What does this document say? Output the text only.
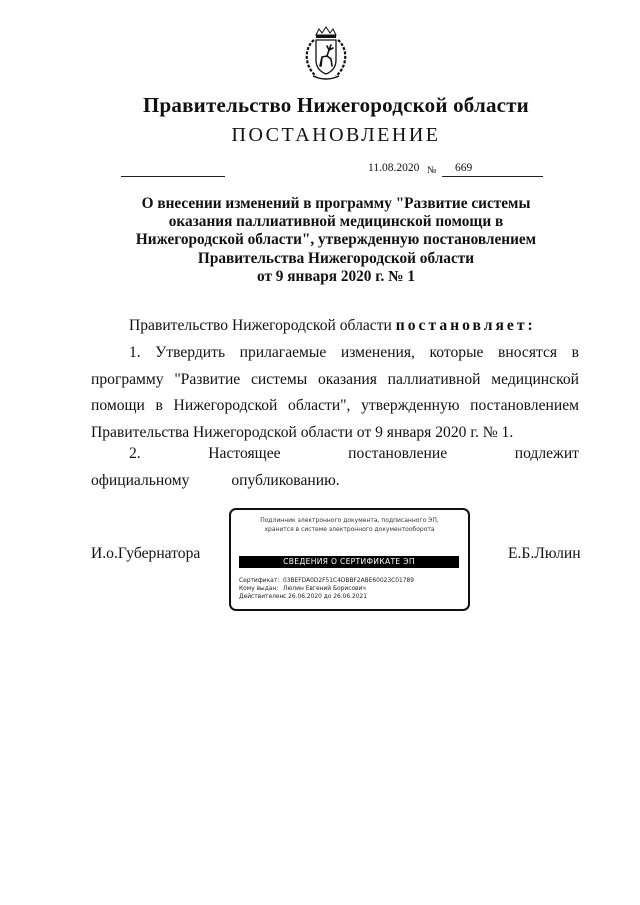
Правительство Нижегородской области
ПОСТАНОВЛЕНИЕ
11.08.2020 № 669
О внесении изменений в программу "Развитие системы
оказания паллиативной медицинской помощи в
Нижегородской области", утвержденную постановлением
Правительства Нижегородской области
от 9 января 2020 г. № 1
Правительство Нижегородской области постановляет:
1. Утвердить прилагаемые изменения, которые вносятся в программу "Развитие системы оказания паллиативной медицинской помощи в Нижегородской области", утвержденную постановлением Правительства Нижегородской области от 9 января 2020 г. № 1.
2. Настоящее постановление подлежит официальному	опубликованию.
И.о.Губернатора	Е.Б.Люлин
Подлинник электронного документа, подписанного ЭП,
хранится в системе электронного документооборота
СВЕДЕНИЯ О СЕРТИФИКАТЕ ЭП
Сертификат: 03BEFDA0D2F51C4DBBF2ABE60023C01789
Кому выдан: Люлин Евгений Борисович
Действителен:с 26.06.2020 до 26.06.2021
